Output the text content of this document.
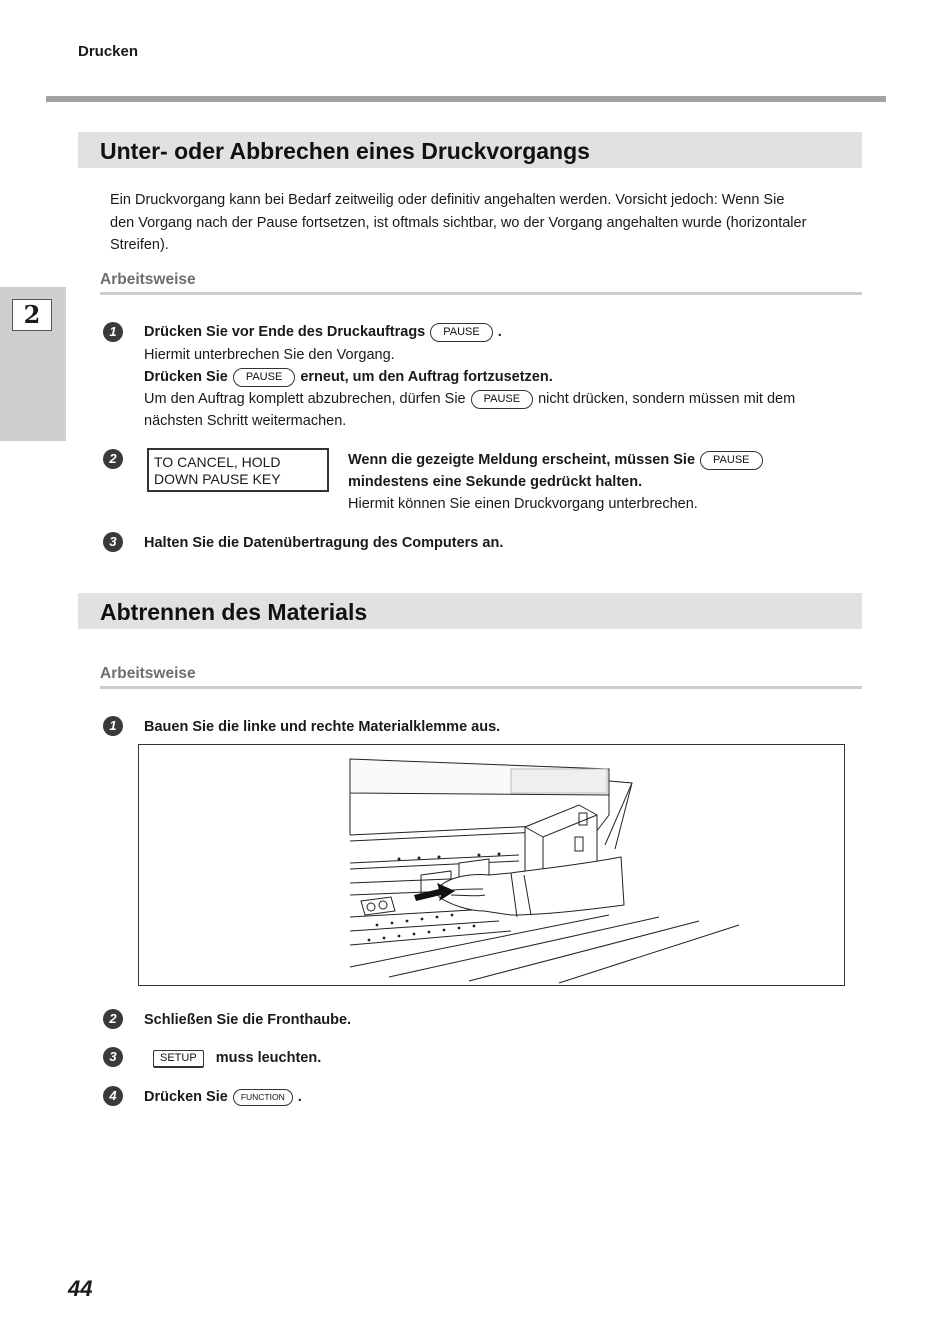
Drucken
2
Unter- oder Abbrechen eines Druckvorgangs
Ein Druckvorgang kann bei Bedarf zeitweilig oder definitiv angehalten werden. Vorsicht jedoch: Wenn Sie
den Vorgang nach der Pause fortsetzen, ist oftmals sichtbar, wo der Vorgang angehalten wurde (horizontaler
Streifen).
Arbeitsweise
1	Drücken Sie vor Ende des Druckauftrags PAUSE .
Hiermit unterbrechen Sie den Vorgang.
Drücken Sie PAUSE erneut, um den Auftrag fortzusetzen.
Um den Auftrag komplett abzubrechen, dürfen Sie PAUSE nicht drücken, sondern müssen mit dem
nächsten Schritt weitermachen.
2	TO CANCEL, HOLD
DOWN PAUSE KEY
Wenn die gezeigte Meldung erscheint, müssen Sie PAUSE
mindestens eine Sekunde gedrückt halten.
Hiermit können Sie einen Druckvorgang unterbrechen.
3	Halten Sie die Datenübertragung des Computers an.
Abtrennen des Materials
Arbeitsweise
1	Bauen Sie die linke und rechte Materialklemme aus.
2	Schließen Sie die Fronthaube.
3	SETUP muss leuchten.
4	Drücken Sie FUNCTION .
44
